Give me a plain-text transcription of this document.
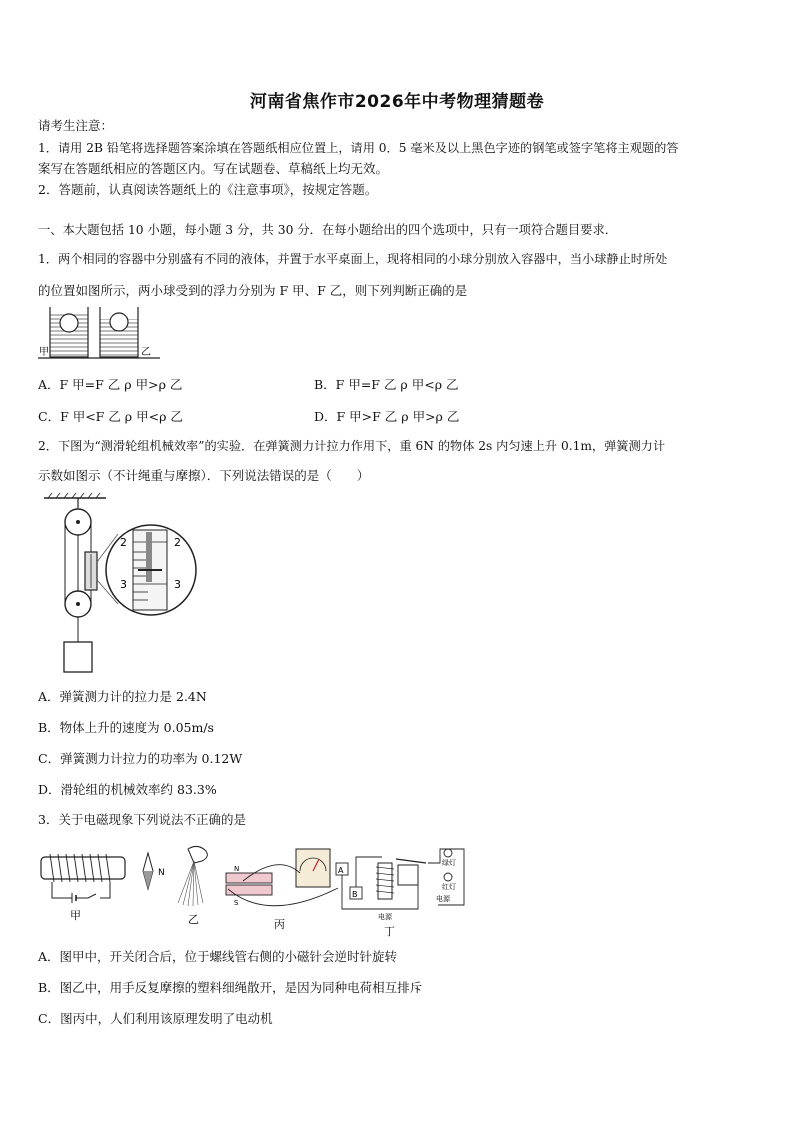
河南省焦作市2026年中考物理猜题卷
请考生注意：
1．请用 2B 铅笔将选择题答案涂填在答题纸相应位置上，请用 0．5 毫米及以上黑色字迹的钢笔或签字笔将主观题的答
案写在答题纸相应的答题区内。写在试题卷、草稿纸上均无效。
2．答题前，认真阅读答题纸上的《注意事项》，按规定答题。
一、本大题包括 10 小题，每小题 3 分，共 30 分．在每小题给出的四个选项中，只有一项符合题目要求．
1．两个相同的容器中分别盛有不同的液体，并置于水平桌面上，现将相同的小球分别放入容器中，当小球静止时所处
的位置如图所示，两小球受到的浮力分别为 F 甲、F 乙，则下列判断正确的是
甲	乙
A．F 甲=F 乙 ρ 甲>ρ 乙	B．F 甲=F 乙 ρ 甲<ρ 乙
C．F 甲<F 乙 ρ 甲<ρ 乙	D．F 甲>F 乙 ρ 甲>ρ 乙
2．下图为“测滑轮组机械效率”的实验．在弹簧测力计拉力作用下，重 6N 的物体 2s 内匀速上升 0.1m，弹簧测力计
示数如图示（不计绳重与摩擦）．下列说法错误的是（　　）
2	2
3	3
A．弹簧测力计的拉力是 2.4N
B．物体上升的速度为 0.05m/s
C．弹簧测力计拉力的功率为 0.12W
D．滑轮组的机械效率约 83.3%
3．关于电磁现象下列说法不正确的是
甲
N
乙
N
S
丙
A
B
电源
丁
绿灯
红灯
电源
A．图甲中，开关闭合后，位于螺线管右侧的小磁针会逆时针旋转
B．图乙中，用手反复摩擦的塑料细绳散开，是因为同种电荷相互排斥
C．图丙中，人们利用该原理发明了电动机
